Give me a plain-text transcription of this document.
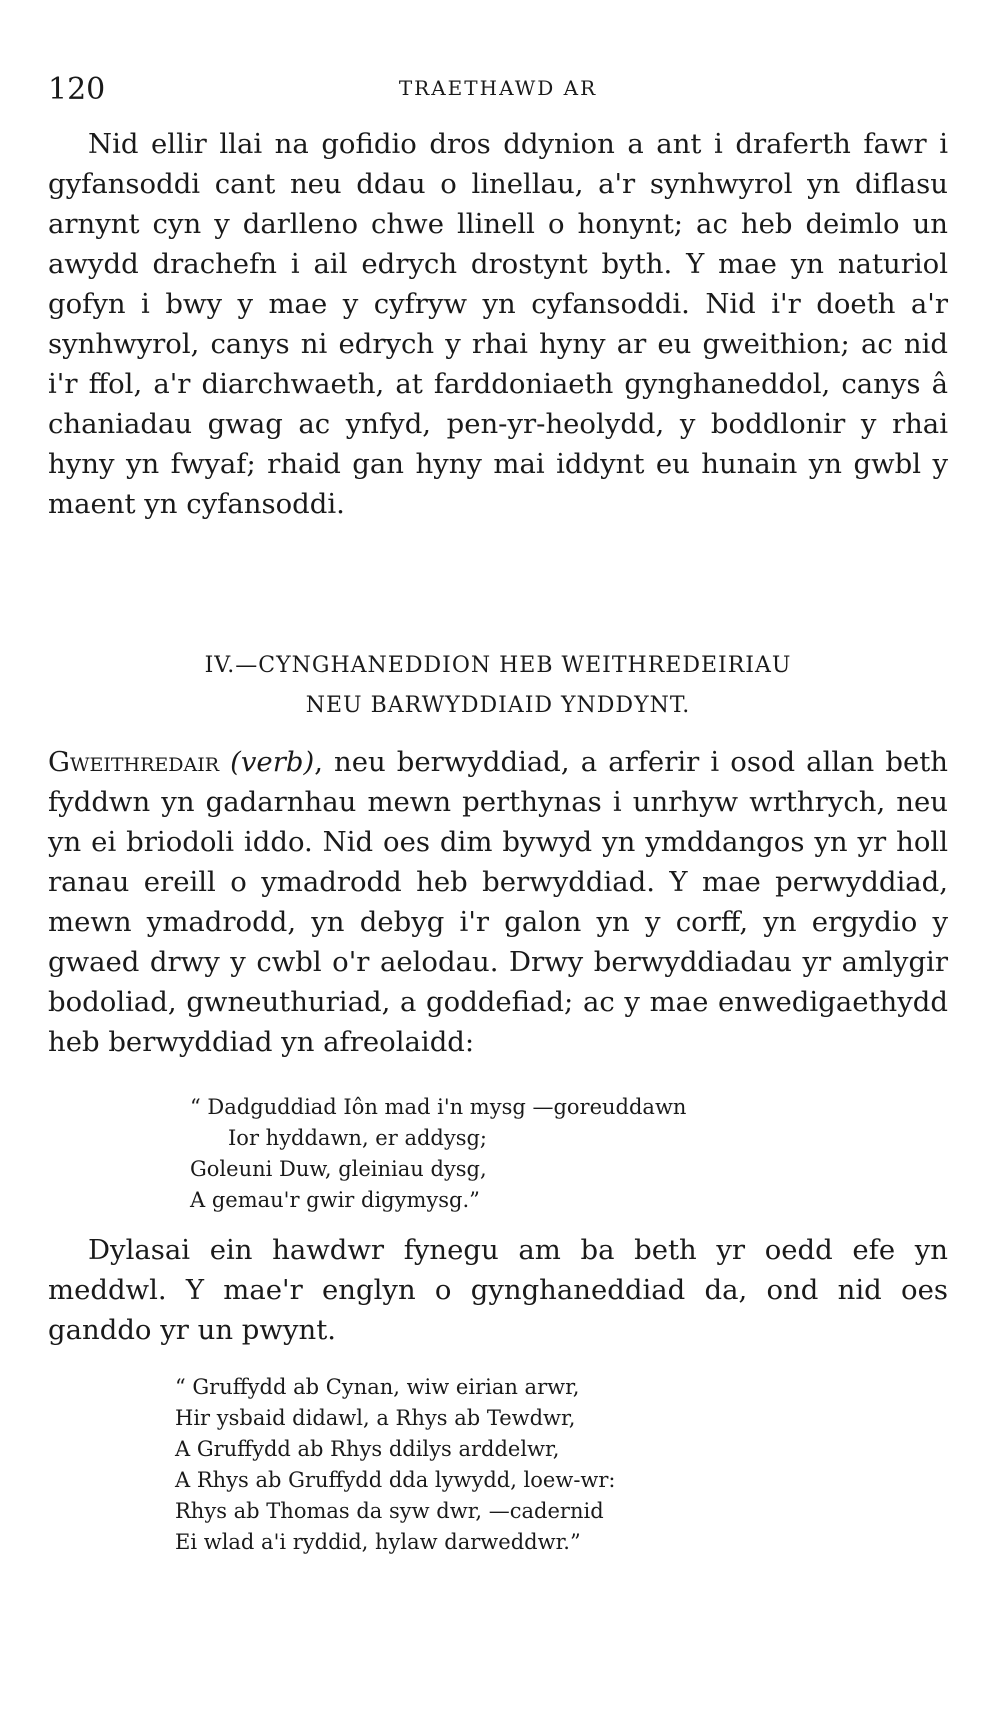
120	TRAETHAWD AR

Nid ellir llai na gofidio dros ddynion a ant i draferth fawr i gyfansoddi cant neu ddau o linellau, a'r synhwyrol yn diflasu arnynt cyn y darlleno chwe llinell o honynt; ac heb deimlo un awydd drachefn i ail edrych drostynt byth. Y mae yn naturiol gofyn i bwy y mae y cyfryw yn cyfansoddi. Nid i'r doeth a'r synhwyrol, canys ni edrych y rhai hyny ar eu gweithion; ac nid i'r ffol, a'r diarchwaeth, at farddoniaeth gynghaneddol, canys â chaniadau gwag ac ynfyd, pen-yr-heolydd, y boddlonir y rhai hyny yn fwyaf; rhaid gan hyny mai iddynt eu hunain yn gwbl y maent yn cyfansoddi.

IV.—CYNGHANEDDION HEB WEITHREDEIRIAU
NEU BARWYDDIAID YNDDYNT.

Gweithredair (verb), neu berwyddiad, a arferir i osod allan beth fyddwn yn gadarnhau mewn perthynas i unrhyw wrthrych, neu yn ei briodoli iddo. Nid oes dim bywyd yn ymddangos yn yr holl ranau ereill o ymadrodd heb berwyddiad. Y mae perwyddiad, mewn ymadrodd, yn debyg i'r galon yn y corff, yn ergydio y gwaed drwy y cwbl o'r aelodau. Drwy berwyddiadau yr amlygir bodoliad, gwneuthuriad, a goddefiad; ac y mae enwedigaethydd heb berwyddiad yn afreolaidd:

“ Dadguddiad Iôn mad i'n mysg —goreuddawn
Ior hyddawn, er addysg;
Goleuni Duw, gleiniau dysg,
A gemau'r gwir digymysg.”

Dylasai ein hawdwr fynegu am ba beth yr oedd efe yn meddwl. Y mae'r englyn o gynghaneddiad da, ond nid oes ganddo yr un pwynt.

“ Gruffydd ab Cynan, wiw eirian arwr,
Hir ysbaid didawl, a Rhys ab Tewdwr,
A Gruffydd ab Rhys ddilys arddelwr,
A Rhys ab Gruffydd dda lywydd, loew-wr:
Rhys ab Thomas da syw dwr, —cadernid
Ei wlad a'i ryddid, hylaw darweddwr.”
